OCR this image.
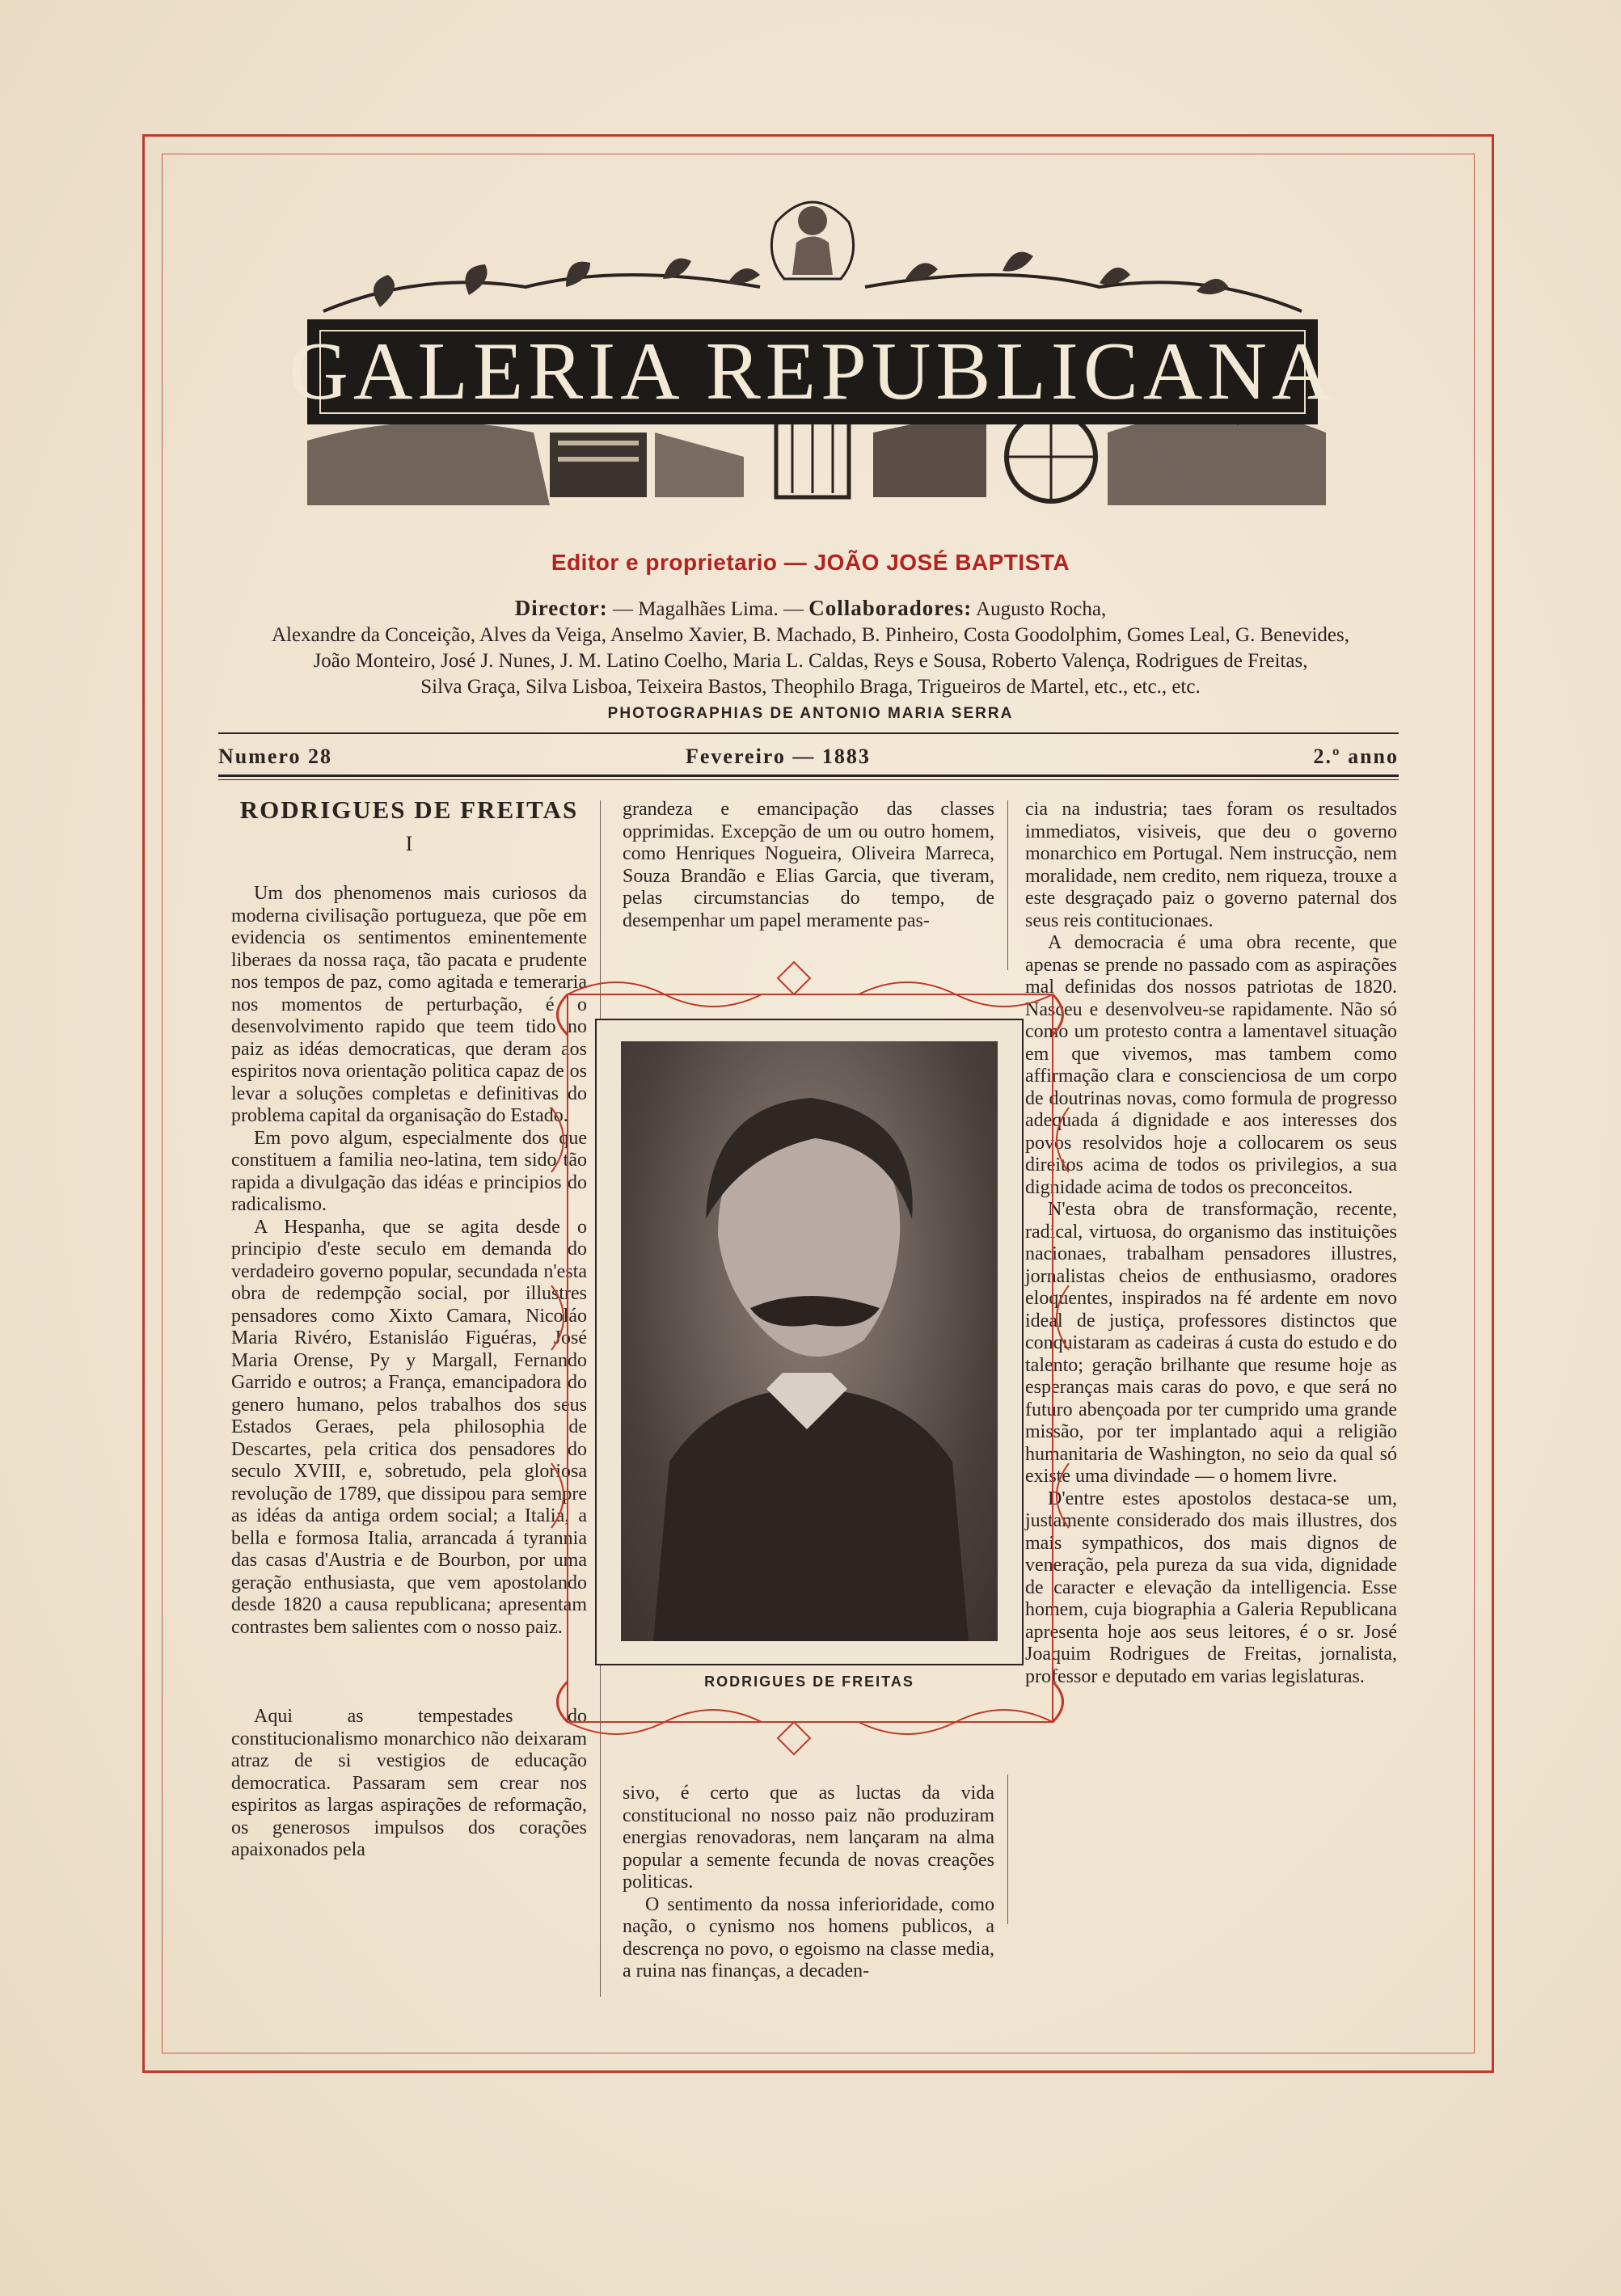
GALERIA REPUBLICANA
Editor e proprietario — JOÃO JOSÉ BAPTISTA
Director: — Magalhães Lima. — Collaboradores: Augusto Rocha,
Alexandre da Conceição, Alves da Veiga, Anselmo Xavier, B. Machado, B. Pinheiro, Costa Goodolphim, Gomes Leal, G. Benevides,
João Monteiro, José J. Nunes, J. M. Latino Coelho, Maria L. Caldas, Reys e Sousa, Roberto Valença, Rodrigues de Freitas,
Silva Graça, Silva Lisboa, Teixeira Bastos, Theophilo Braga, Trigueiros de Martel, etc., etc., etc.
PHOTOGRAPHIAS DE ANTONIO MARIA SERRA
Numero 28	Fevereiro — 1883	2.º anno
RODRIGUES DE FREITAS
I

Um dos phenomenos mais curiosos da moderna civilisação portugueza, que põe em evidencia os sentimentos eminentemente liberaes da nossa raça, tão pacata e prudente nos tempos de paz, como agitada e temeraria nos momentos de perturbação, é o desenvolvimento rapido que teem tido no paiz as idéas democraticas, que deram aos espiritos nova orientação politica capaz de os levar a soluções completas e definitivas do problema capital da organisação do Estado.

Em povo algum, especialmente dos que constituem a familia neo-latina, tem sido tão rapida a divulgação das idéas e principios do radicalismo.

A Hespanha, que se agita desde o principio d'este seculo em demanda do verdadeiro governo popular, secundada n'esta obra de redempção social, por illustres pensadores como Xixto Camara, Nicoláo Maria Rivéro, Estanisláo Figuéras, José Maria Orense, Py y Margall, Fernando Garrido e outros; a França, emancipadora do genero humano, pelos trabalhos dos seus Estados Geraes, pela philosophia de Descartes, pela critica dos pensadores do seculo XVIII, e, sobretudo, pela gloriosa revolução de 1789, que dissipou para sempre as idéas da antiga ordem social; a Italia, a bella e formosa Italia, arrancada á tyrannia das casas d'Austria e de Bourbon, por uma geração enthusiasta, que vem apostolando desde 1820 a causa republicana; apresentam contrastes bem salientes com o nosso paiz.

Aqui as tempestades do constitucionalismo monarchico não deixaram atraz de si vestigios de educação democratica. Passaram sem crear nos espiritos as largas aspirações de reformação, os generosos impulsos dos corações apaixonados pela

grandeza e emancipação das classes opprimidas. Excepção de um ou outro homem, como Henriques Nogueira, Oliveira Marreca, Souza Brandão e Elias Garcia, que tiveram, pelas circumstancias do tempo, de desempenhar um papel meramente pas-

cia na industria; taes foram os resultados immediatos, visiveis, que deu o governo monarchico em Portugal. Nem instrucção, nem moralidade, nem credito, nem riqueza, trouxe a este desgraçado paiz o governo paternal dos seus reis contitucionaes.

A democracia é uma obra recente, que apenas se prende no passado com as aspirações mal definidas dos nossos patriotas de 1820. Nasceu e desenvolveu-se rapidamente. Não só como um protesto contra a lamentavel situação em que vivemos, mas tambem como affirmação clara e conscienciosa de um corpo de doutrinas novas, como formula de progresso adequada á dignidade e aos interesses dos povos resolvidos hoje a collocarem os seus direitos acima de todos os privilegios, a sua dignidade acima de todos os preconceitos.

N'esta obra de transformação, recente, radical, virtuosa, do organismo das instituições nacionaes, trabalham pensadores illustres, jornalistas cheios de enthusiasmo, oradores eloquentes, inspirados na fé ardente em novo ideal de justiça, professores distinctos que conquistaram as cadeiras á custa do estudo e do talento; geração brilhante que resume hoje as esperanças mais caras do povo, e que será no futuro abençoada por ter cumprido uma grande missão, por ter implantado aqui a religião humanitaria de Washington, no seio da qual só existe uma divindade — o homem livre.

D'entre estes apostolos destaca-se um, justamente considerado dos mais illustres, dos mais sympathicos, dos mais dignos de veneração, pela pureza da sua vida, dignidade de caracter e elevação da intelligencia. Esse homem, cuja biographia a Galeria Republicana apresenta hoje aos seus leitores, é o sr. José Joaquim Rodrigues de Freitas, jornalista, professor e deputado em varias legislaturas.

RODRIGUES DE FREITAS

sivo, é certo que as luctas da vida constitucional no nosso paiz não produziram energias renovadoras, nem lançaram na alma popular a semente fecunda de novas creações politicas.

O sentimento da nossa inferioridade, como nação, o cynismo nos homens publicos, a descrença no povo, o egoismo na classe media, a ruina nas finanças, a decaden-
